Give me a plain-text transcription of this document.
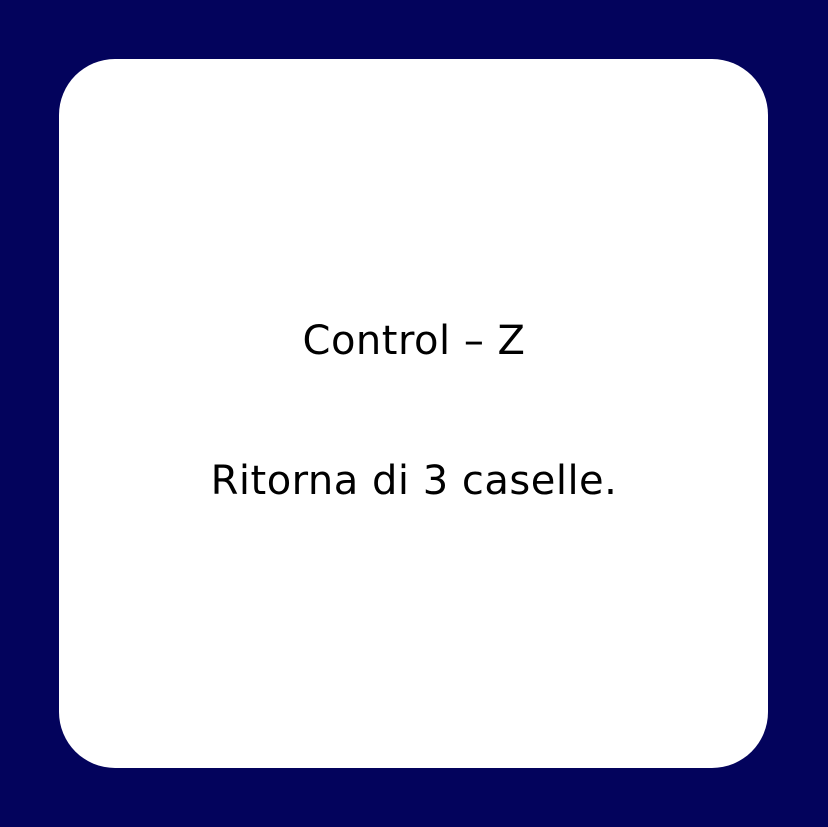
Control – Z
Ritorna di 3 caselle.
